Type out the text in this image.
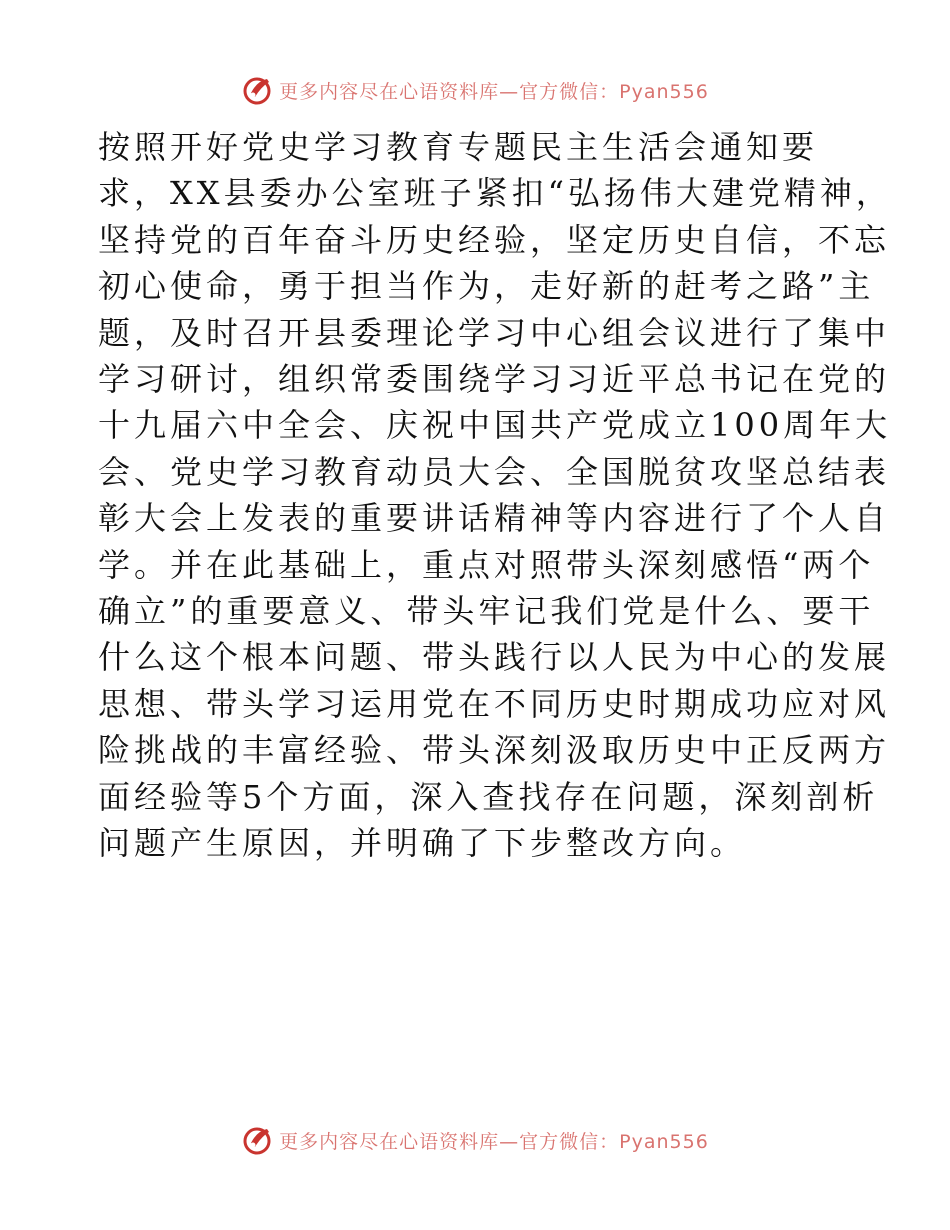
更多内容尽在心语资料库—官方微信：Pyan556

按照开好党史学习教育专题民主生活会通知要
求，XX县委办公室班子紧扣“弘扬伟大建党精神，
坚持党的百年奋斗历史经验，坚定历史自信，不忘
初心使命，勇于担当作为，走好新的赶考之路”主
题，及时召开县委理论学习中心组会议进行了集中
学习研讨，组织常委围绕学习习近平总书记在党的
十九届六中全会、庆祝中国共产党成立100周年大
会、党史学习教育动员大会、全国脱贫攻坚总结表
彰大会上发表的重要讲话精神等内容进行了个人自
学。并在此基础上，重点对照带头深刻感悟“两个
确立”的重要意义、带头牢记我们党是什么、要干
什么这个根本问题、带头践行以人民为中心的发展
思想、带头学习运用党在不同历史时期成功应对风
险挑战的丰富经验、带头深刻汲取历史中正反两方
面经验等5个方面，深入查找存在问题，深刻剖析
问题产生原因，并明确了下步整改方向。

更多内容尽在心语资料库—官方微信：Pyan556
